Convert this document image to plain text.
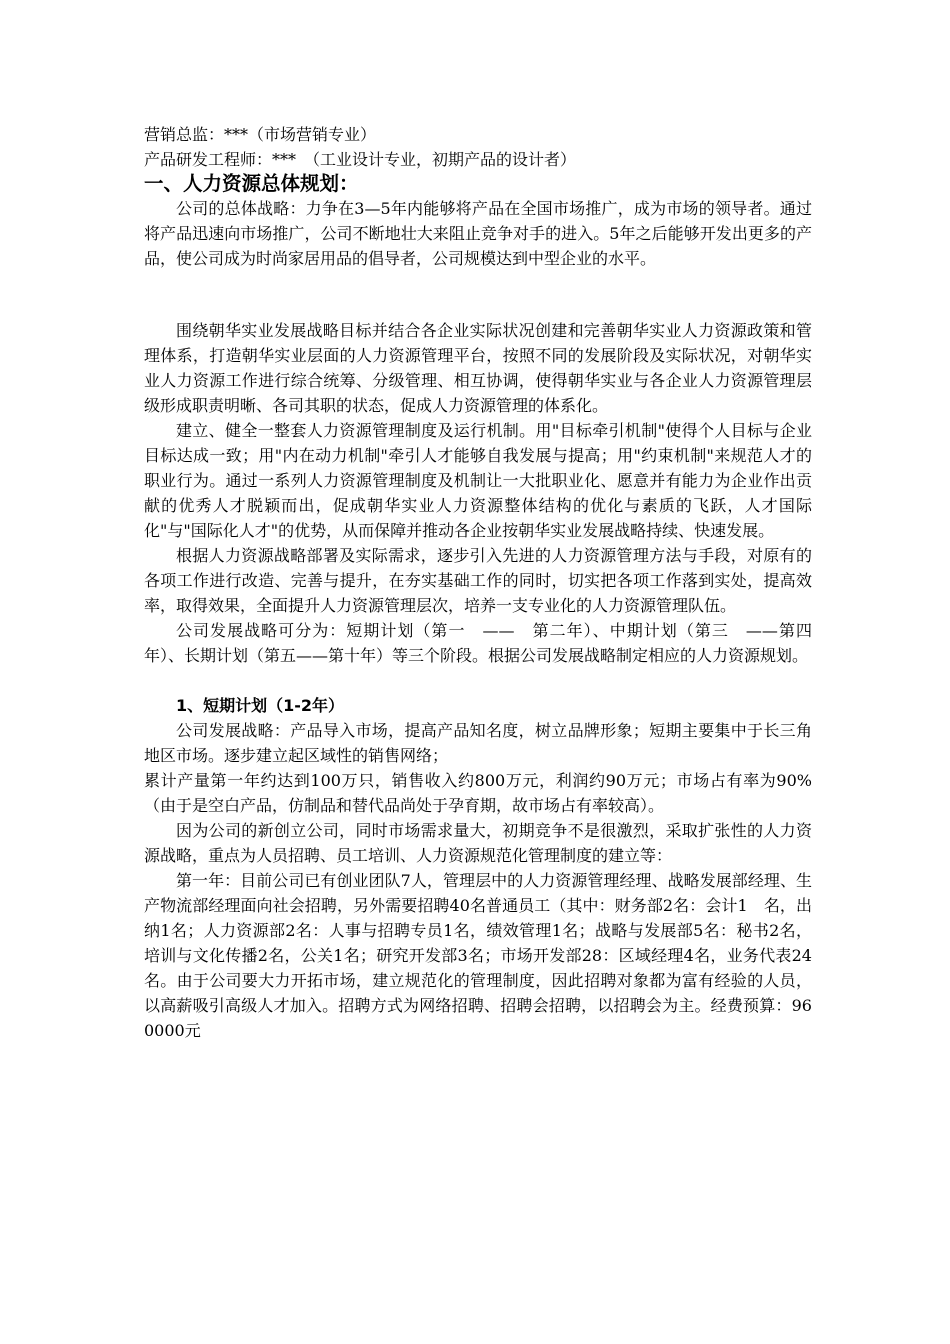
营销总监：***（市场营销专业）

产品研发工程师：***　（工业设计专业，初期产品的设计者）

一、人力资源总体规划：

公司的总体战略：力争在3—5年内能够将产品在全国市场推广，成为市场的领导者。通过将产品迅速向市场推广，公司不断地壮大来阻止竞争对手的进入。5年之后能够开发出更多的产品，使公司成为时尚家居用品的倡导者，公司规模达到中型企业的水平。

围绕朝华实业发展战略目标并结合各企业实际状况创建和完善朝华实业人力资源政策和管理体系，打造朝华实业层面的人力资源管理平台，按照不同的发展阶段及实际状况，对朝华实业人力资源工作进行综合统筹、分级管理、相互协调，使得朝华实业与各企业人力资源管理层级形成职责明晰、各司其职的状态，促成人力资源管理的体系化。

建立、健全一整套人力资源管理制度及运行机制。用"目标牵引机制"使得个人目标与企业目标达成一致；用"内在动力机制"牵引人才能够自我发展与提高；用"约束机制"来规范人才的职业行为。通过一系列人力资源管理制度及机制让一大批职业化、愿意并有能力为企业作出贡献的优秀人才脱颖而出，促成朝华实业人力资源整体结构的优化与素质的飞跃，人才国际化"与"国际化人才"的优势，从而保障并推动各企业按朝华实业发展战略持续、快速发展。

根据人力资源战略部署及实际需求，逐步引入先进的人力资源管理方法与手段，对原有的各项工作进行改造、完善与提升，在夯实基础工作的同时，切实把各项工作落到实处，提高效率，取得效果，全面提升人力资源管理层次，培养一支专业化的人力资源管理队伍。

公司发展战略可分为：短期计划（第一　——　第二年）、中期计划（第三　——第四年）、长期计划（第五——第十年）等三个阶段。根据公司发展战略制定相应的人力资源规划。

1、短期计划（1-2年）

公司发展战略：产品导入市场，提高产品知名度，树立品牌形象；短期主要集中于长三角地区市场。逐步建立起区域性的销售网络；

累计产量第一年约达到100万只，销售收入约800万元，利润约90万元；市场占有率为90%（由于是空白产品，仿制品和替代品尚处于孕育期，故市场占有率较高）。

因为公司的新创立公司，同时市场需求量大，初期竞争不是很激烈，采取扩张性的人力资源战略，重点为人员招聘、员工培训、人力资源规范化管理制度的建立等：

第一年：目前公司已有创业团队7人，管理层中的人力资源管理经理、战略发展部经理、生产物流部经理面向社会招聘，另外需要招聘40名普通员工（其中：财务部2名：会计1　名，出纳1名；人力资源部2名：人事与招聘专员1名，绩效管理1名；战略与发展部5名：秘书2名，培训与文化传播2名，公关1名；研究开发部3名；市场开发部28：区域经理4名，业务代表24名。由于公司要大力开拓市场，建立规范化的管理制度，因此招聘对象都为富有经验的人员，以高薪吸引高级人才加入。招聘方式为网络招聘、招聘会招聘，以招聘会为主。经费预算：960000元
